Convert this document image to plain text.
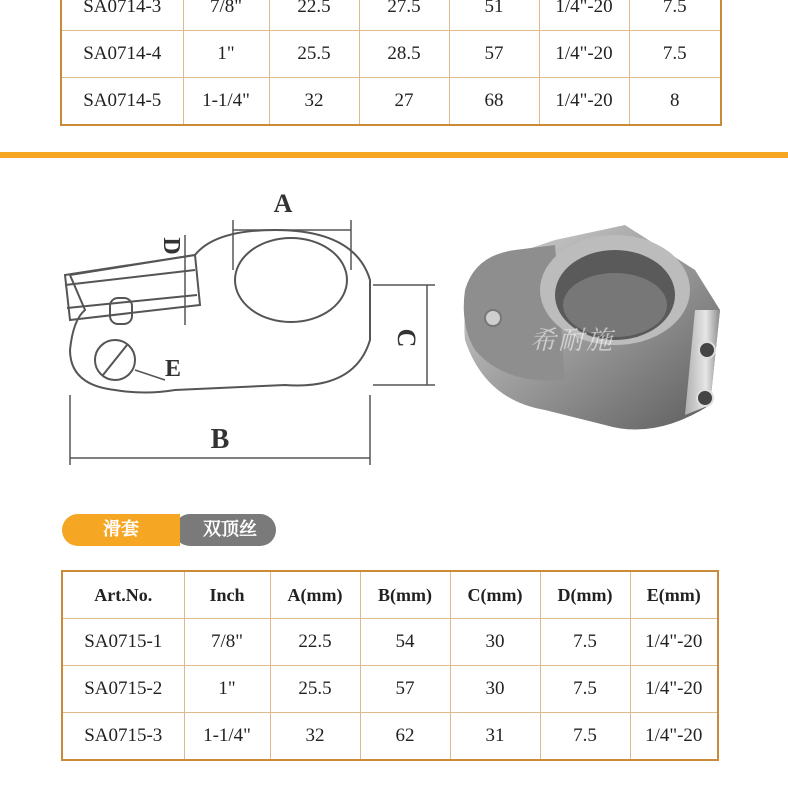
SA0714-3	7/8"	22.5	27.5	51	1/4"-20	7.5
SA0714-4	1"	25.5	28.5	57	1/4"-20	7.5
SA0714-5	1-1/4"	32	27	68	1/4"-20	8
A
D
C
E
B
希耐施
双顶丝
滑套
Art.No.	Inch	A(mm)	B(mm)	C(mm)	D(mm)	E(mm)
SA0715-1	7/8"	22.5	54	30	7.5	1/4"-20
SA0715-2	1"	25.5	57	30	7.5	1/4"-20
SA0715-3	1-1/4"	32	62	31	7.5	1/4"-20
